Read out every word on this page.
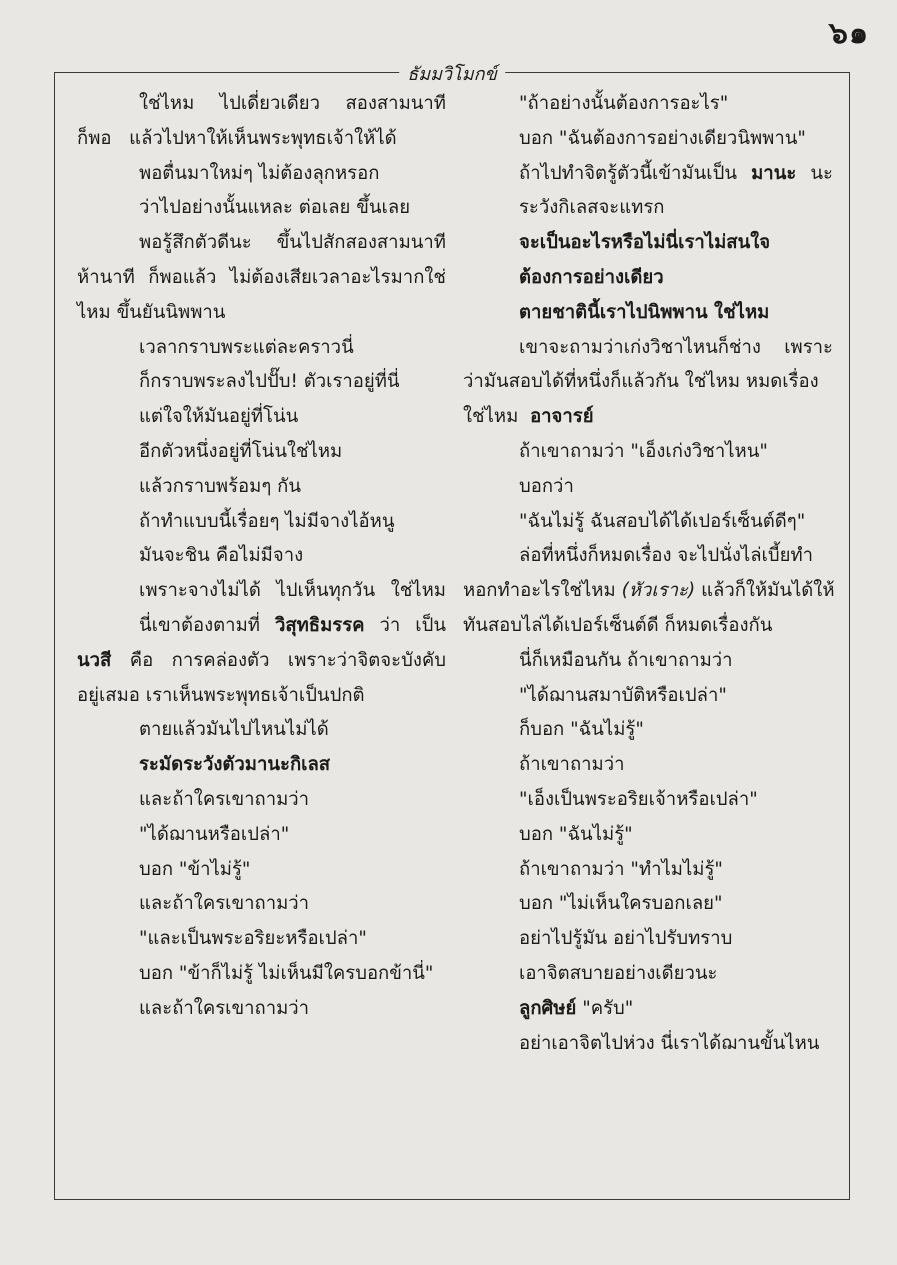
๖๑
ธัมมวิโมกข์
ใช่ไหม ไปเดี่ยวเดียว สองสามนาที
ก็พอ แล้วไปหาให้เห็นพระพุทธเจ้าให้ได้
พอตื่นมาใหม่ๆ ไม่ต้องลุกหรอก
ว่าไปอย่างนั้นแหละ ต่อเลย ขึ้นเลย
พอรู้สึกตัวดีนะ ขึ้นไปสักสองสามนาที
ห้านาที ก็พอแล้ว ไม่ต้องเสียเวลาอะไรมากใช่
ไหม ขึ้นยันนิพพาน
เวลากราบพระแต่ละคราวนี่
ก็กราบพระลงไปปั๊บ! ตัวเราอยู่ที่นี่
แต่ใจให้มันอยู่ที่โน่น
อีกตัวหนึ่งอยู่ที่โน่นใช่ไหม
แล้วกราบพร้อมๆ กัน
ถ้าทำแบบนี้เรื่อยๆ ไม่มีจางไอ้หนู
มันจะชิน คือไม่มีจาง
เพราะจางไม่ได้ ไปเห็นทุกวัน ใช่ไหม
นี่เขาต้องตามที่ วิสุทธิมรรค ว่า เป็น
นวสี คือ การคล่องตัว เพราะว่าจิตจะบังคับ
อยู่เสมอ เราเห็นพระพุทธเจ้าเป็นปกติ
ตายแล้วมันไปไหนไม่ได้
ระมัดระวังตัวมานะกิเลส
และถ้าใครเขาถามว่า
"ได้ฌานหรือเปล่า"
บอก "ข้าไม่รู้"
และถ้าใครเขาถามว่า
"และเป็นพระอริยะหรือเปล่า"
บอก "ข้าก็ไม่รู้ ไม่เห็นมีใครบอกข้านี่"
และถ้าใครเขาถามว่า
"ถ้าอย่างนั้นต้องการอะไร"
บอก "ฉันต้องการอย่างเดียวนิพพาน"
ถ้าไปทำจิตรู้ตัวนี้เข้ามันเป็น มานะ นะ
ระวังกิเลสจะแทรก
จะเป็นอะไรหรือไม่นี่เราไม่สนใจ
ต้องการอย่างเดียว
ตายชาตินี้เราไปนิพพาน ใช่ไหม
เขาจะถามว่าเก่งวิชาไหนก็ช่าง เพราะ
ว่ามันสอบได้ที่หนึ่งก็แล้วกัน ใช่ไหม หมดเรื่อง
ใช่ไหม อาจารย์
ถ้าเขาถามว่า "เอ็งเก่งวิชาไหน"
บอกว่า
"ฉันไม่รู้ ฉันสอบได้ได้เปอร์เซ็นต์ดีๆ"
ล่อที่หนึ่งก็หมดเรื่อง จะไปนั่งไล่เบี้ยทำ
หอกทำอะไรใช่ไหม (หัวเราะ) แล้วก็ให้มันได้ให้
ทันสอบไล่ได้เปอร์เซ็นต์ดี ก็หมดเรื่องกัน
นี่ก็เหมือนกัน ถ้าเขาถามว่า
"ได้ฌานสมาบัติหรือเปล่า"
ก็บอก "ฉันไม่รู้"
ถ้าเขาถามว่า
"เอ็งเป็นพระอริยเจ้าหรือเปล่า"
บอก "ฉันไม่รู้"
ถ้าเขาถามว่า "ทำไมไม่รู้"
บอก "ไม่เห็นใครบอกเลย"
อย่าไปรู้มัน อย่าไปรับทราบ
เอาจิตสบายอย่างเดียวนะ
ลูกศิษย์ "ครับ"
อย่าเอาจิตไปห่วง นี่เราได้ฌานขั้นไหน
